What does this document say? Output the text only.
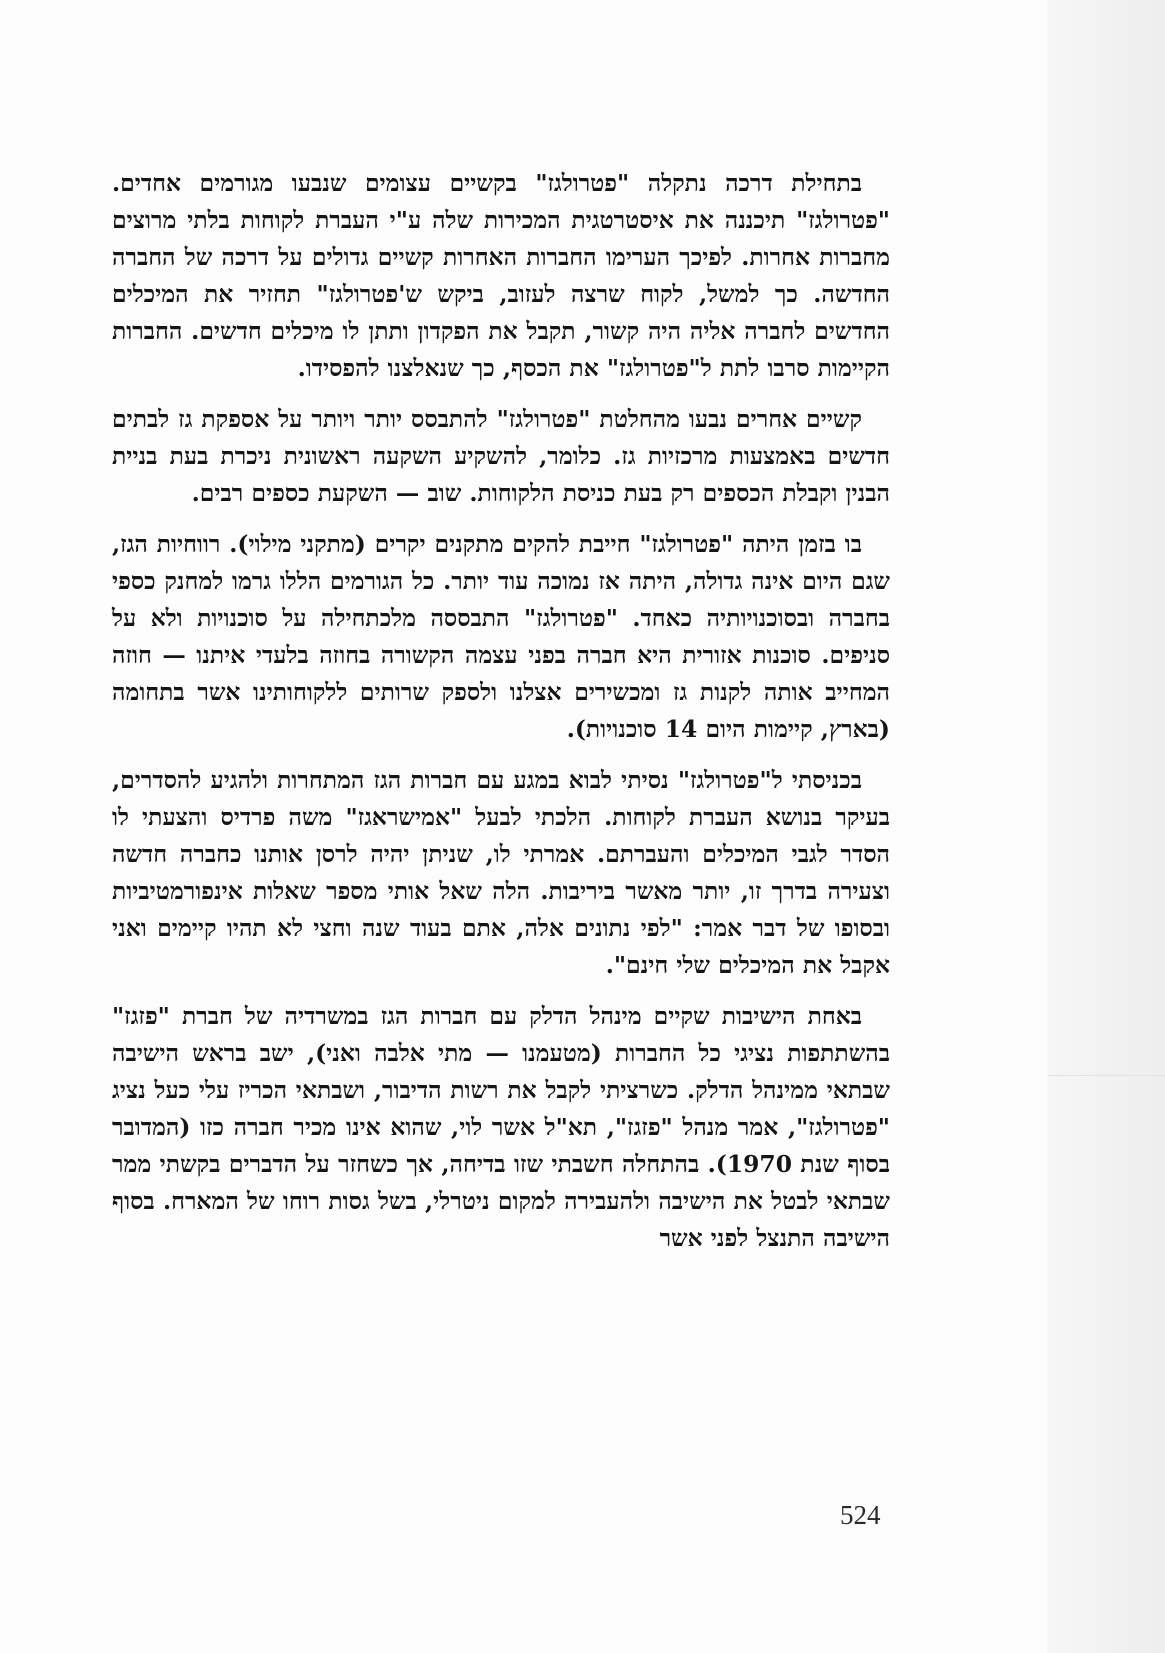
בתחילת דרכה נתקלה "פטרולגז" בקשיים עצומים שנבעו מגורמים אחדים. "פטרולגז" תיכננה את איסטרטגית המכירות שלה ע"י העברת לקוחות בלתי מרוצים מחברות אחרות. לפיכך הערימו החברות האחרות קשיים גדולים על דרכה של החברה החדשה. כך למשל, לקוח שרצה לעזוב, ביקש ש'פטרולגז" תחזיר את המיכלים החדשים לחברה אליה היה קשור, תקבל את הפקדון ותתן לו מיכלים חדשים. החברות הקיימות סרבו לתת ל"פטרולגז" את הכסף, כך שנאלצנו להפסידו.

קשיים אחרים נבעו מהחלטת "פטרולגז" להתבסס יותר ויותר על אספקת גז לבתים חדשים באמצעות מרכזיות גז. כלומר, להשקיע השקעה ראשונית ניכרת בעת בניית הבנין וקבלת הכספים רק בעת כניסת הלקוחות. שוב — השקעת כספים רבים.

בו בזמן היתה "פטרולגז" חייבת להקים מתקנים יקרים (מתקני מילוי). רווחיות הגז, שגם היום אינה גדולה, היתה אז נמוכה עוד יותר. כל הגורמים הללו גרמו למחנק כספי בחברה ובסוכנויותיה כאחד. "פטרולגז" התבססה מלכתחילה על סוכנויות ולא על סניפים. סוכנות אזורית היא חברה בפני עצמה הקשורה בחוזה בלעדי איתנו — חוזה המחייב אותה לקנות גז ומכשירים אצלנו ולספק שרותים ללקוחותינו אשר בתחומה (בארץ, קיימות היום 14 סוכנויות).

בכניסתי ל"פטרולגז" נסיתי לבוא במגע עם חברות הגז המתחרות ולהגיע להסדרים, בעיקר בנושא העברת לקוחות. הלכתי לבעל "אמישראגז" משה פרדיס והצעתי לו הסדר לגבי המיכלים והעברתם. אמרתי לו, שניתן יהיה לרסן אותנו כחברה חדשה וצעירה בדרך זו, יותר מאשר ביריבות. הלה שאל אותי מספר שאלות אינפורמטיביות ובסופו של דבר אמר: "לפי נתונים אלה, אתם בעוד שנה וחצי לא תהיו קיימים ואני אקבל את המיכלים שלי חינם".

באחת הישיבות שקיים מינהל הדלק עם חברות הגז במשרדיה של חברת "פזגז" בהשתתפות נציגי כל החברות (מטעמנו — מתי אלבה ואני), ישב בראש הישיבה שבתאי ממינהל הדלק. כשרציתי לקבל את רשות הדיבור, ושבתאי הכריז עלי כעל נציג "פטרולגז", אמר מנהל "פזגז", תא"ל אשר לוי, שהוא אינו מכיר חברה כזו (המדובר בסוף שנת 1970). בהתחלה חשבתי שזו בדיחה, אך כשחזר על הדברים בקשתי ממר שבתאי לבטל את הישיבה ולהעבירה למקום ניטרלי, בשל גסות רוחו של המארח. בסוף הישיבה התנצל לפני אשר

524
